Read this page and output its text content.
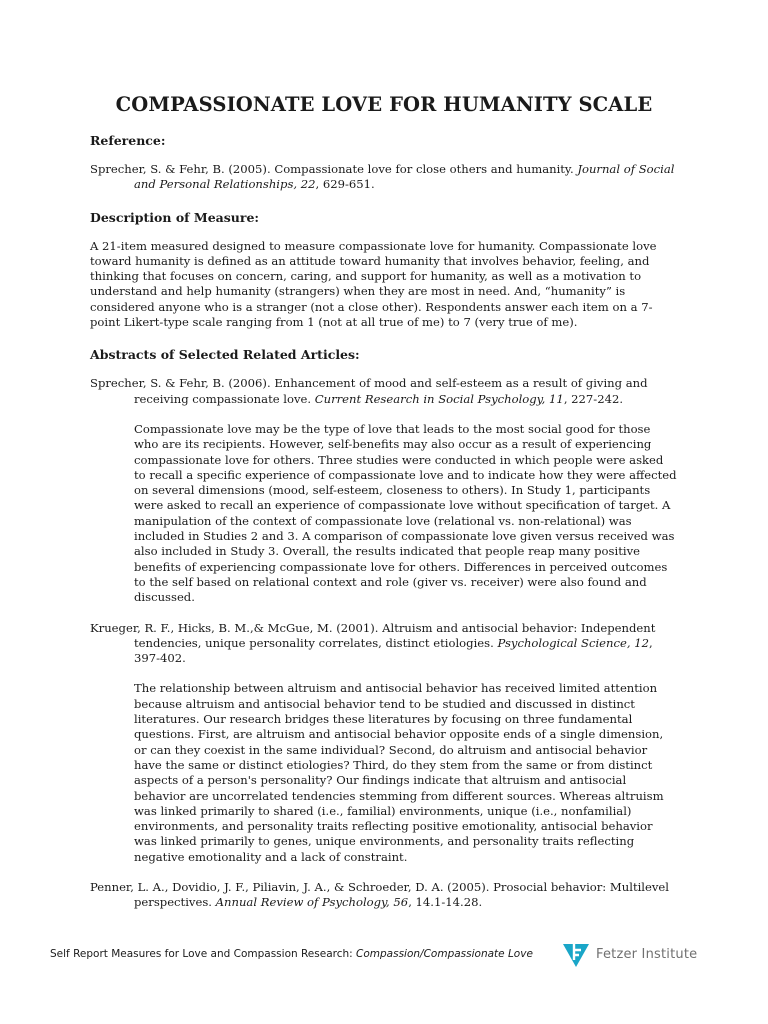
COMPASSIONATE LOVE FOR HUMANITY SCALE

Reference:

Sprecher, S. & Fehr, B. (2005). Compassionate love for close others and humanity. Journal of Social and Personal Relationships, 22, 629-651.

Description of Measure:

A 21-item measured designed to measure compassionate love for humanity. Compassionate love toward humanity is defined as an attitude toward humanity that involves behavior, feeling, and thinking that focuses on concern, caring, and support for humanity, as well as a motivation to understand and help humanity (strangers) when they are most in need. And, “humanity” is considered anyone who is a stranger (not a close other). Respondents answer each item on a 7-point Likert-type scale ranging from 1 (not at all true of me) to 7 (very true of me).

Abstracts of Selected Related Articles:

Sprecher, S. & Fehr, B. (2006). Enhancement of mood and self-esteem as a result of giving and receiving compassionate love. Current Research in Social Psychology, 11, 227-242.

Compassionate love may be the type of love that leads to the most social good for those who are its recipients. However, self-benefits may also occur as a result of experiencing compassionate love for others. Three studies were conducted in which people were asked to recall a specific experience of compassionate love and to indicate how they were affected on several dimensions (mood, self-esteem, closeness to others). In Study 1, participants were asked to recall an experience of compassionate love without specification of target. A manipulation of the context of compassionate love (relational vs. non-relational) was included in Studies 2 and 3. A comparison of compassionate love given versus received was also included in Study 3. Overall, the results indicated that people reap many positive benefits of experiencing compassionate love for others. Differences in perceived outcomes to the self based on relational context and role (giver vs. receiver) were also found and discussed.

Krueger, R. F., Hicks, B. M.,& McGue, M. (2001). Altruism and antisocial behavior: Independent tendencies, unique personality correlates, distinct etiologies. Psychological Science, 12, 397-402.

The relationship between altruism and antisocial behavior has received limited attention because altruism and antisocial behavior tend to be studied and discussed in distinct literatures. Our research bridges these literatures by focusing on three fundamental questions. First, are altruism and antisocial behavior opposite ends of a single dimension, or can they coexist in the same individual? Second, do altruism and antisocial behavior have the same or distinct etiologies? Third, do they stem from the same or from distinct aspects of a person's personality? Our findings indicate that altruism and antisocial behavior are uncorrelated tendencies stemming from different sources. Whereas altruism was linked primarily to shared (i.e., familial) environments, unique (i.e., nonfamilial) environments, and personality traits reflecting positive emotionality, antisocial behavior was linked primarily to genes, unique environments, and personality traits reflecting negative emotionality and a lack of constraint.

Penner, L. A., Dovidio, J. F., Piliavin, J. A., & Schroeder, D. A. (2005). Prosocial behavior: Multilevel perspectives. Annual Review of Psychology, 56, 14.1-14.28.

Self Report Measures for Love and Compassion Research: Compassion/Compassionate Love	Fetzer Institute
